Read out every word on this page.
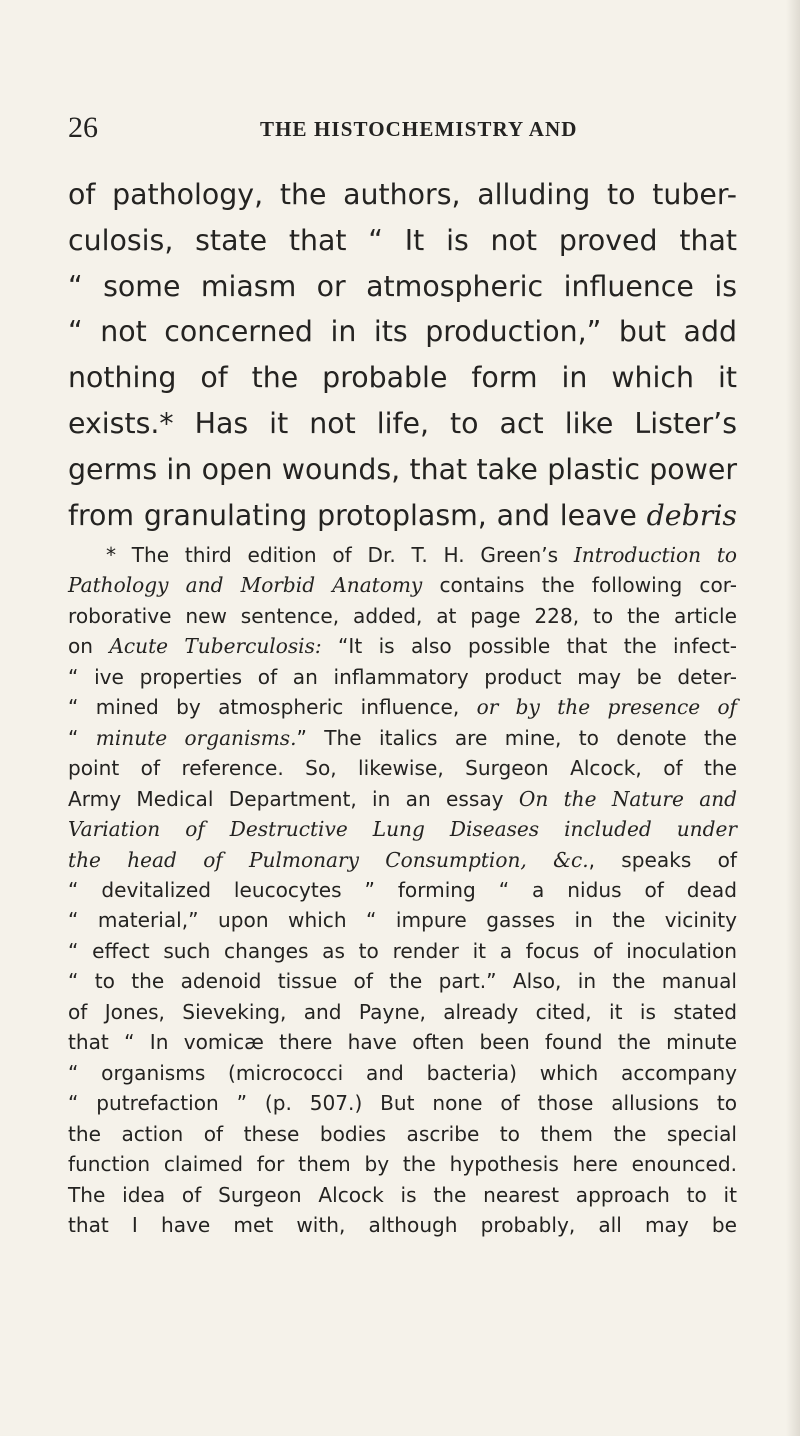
26	THE HISTOCHEMISTRY AND
of pathology, the authors, alluding to tuber-
culosis, state that “ It is not proved that
“ some miasm or atmospheric influence is
“ not concerned in its production,” but add
nothing of the probable form in which it
exists.* Has it not life, to act like Lister’s
germs in open wounds, that take plastic power
from granulating protoplasm, and leave debris
* The third edition of Dr. T. H. Green’s Introduction to
Pathology and Morbid Anatomy contains the following cor-
roborative new sentence, added, at page 228, to the article
on Acute Tuberculosis: “It is also possible that the infect-
“ ive properties of an inflammatory product may be deter-
“ mined by atmospheric influence, or by the presence of
“ minute organisms.” The italics are mine, to denote the
point of reference. So, likewise, Surgeon Alcock, of the
Army Medical Department, in an essay On the Nature and
Variation of Destructive Lung Diseases included under
the head of Pulmonary Consumption, &c., speaks of
“ devitalized leucocytes ” forming “ a nidus of dead
“ material,” upon which “ impure gasses in the vicinity
“ effect such changes as to render it a focus of inoculation
“ to the adenoid tissue of the part.” Also, in the manual
of Jones, Sieveking, and Payne, already cited, it is stated
that “ In vomicæ there have often been found the minute
“ organisms (micrococci and bacteria) which accompany
“ putrefaction ” (p. 507.) But none of those allusions to
the action of these bodies ascribe to them the special
function claimed for them by the hypothesis here enounced.
The idea of Surgeon Alcock is the nearest approach to it
that I have met with, although probably, all may be
